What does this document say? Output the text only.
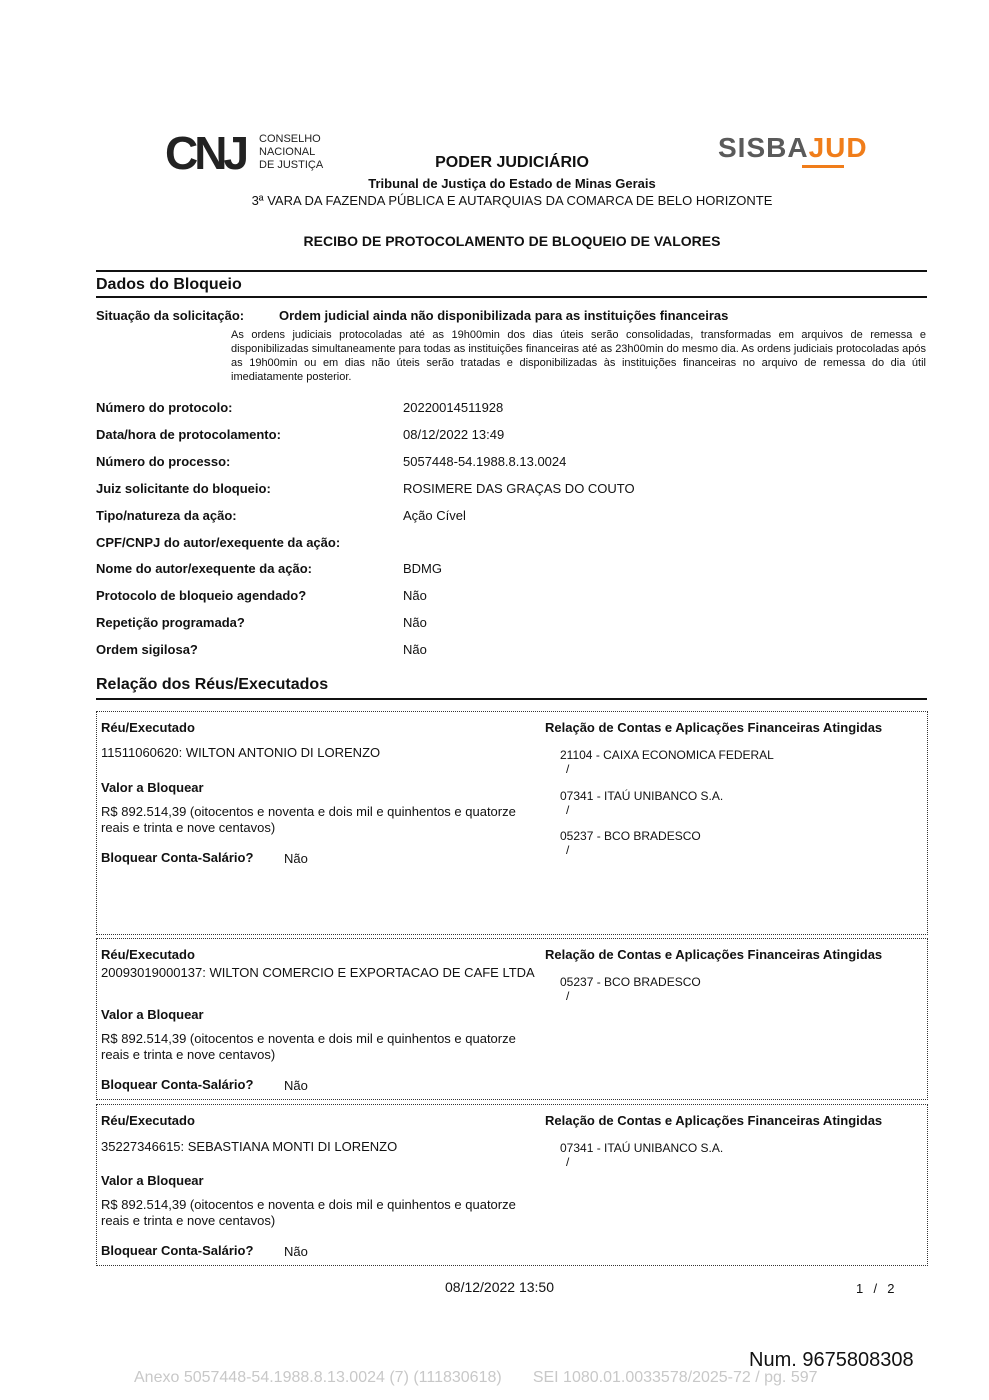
CNJ CONSELHO
NACIONAL
DE JUSTIÇA
SISBAJUD
PODER JUDICIÁRIO
Tribunal de Justiça do Estado de Minas Gerais
3ª VARA DA FAZENDA PÚBLICA E AUTARQUIAS DA COMARCA DE BELO HORIZONTE
RECIBO DE PROTOCOLAMENTO DE BLOQUEIO DE VALORES
Dados do Bloqueio
Situação da solicitação:	Ordem judicial ainda não disponibilizada para as instituições financeiras
As ordens judiciais protocoladas até as 19h00min dos dias úteis serão consolidadas, transformadas em arquivos de remessa e disponibilizadas simultaneamente para todas as instituições financeiras até as 23h00min do mesmo dia. As ordens judiciais protocoladas após as 19h00min ou em dias não úteis serão tratadas e disponibilizadas às instituições financeiras no arquivo de remessa do dia útil imediatamente posterior.
Número do protocolo:	20220014511928
Data/hora de protocolamento:	08/12/2022 13:49
Número do processo:	5057448-54.1988.8.13.0024
Juiz solicitante do bloqueio:	ROSIMERE DAS GRAÇAS DO COUTO
Tipo/natureza da ação:	Ação Cível
CPF/CNPJ do autor/exequente da ação:
Nome do autor/exequente da ação:	BDMG
Protocolo de bloqueio agendado?	Não
Repetição programada?	Não
Ordem sigilosa?	Não
Relação dos Réus/Executados
Réu/Executado
11511060620: WILTON ANTONIO DI LORENZO
Valor a Bloquear
R$ 892.514,39 (oitocentos e noventa e dois mil e quinhentos e quatorze reais e trinta e nove centavos)
Bloquear Conta-Salário? Não
Relação de Contas e Aplicações Financeiras Atingidas
21104 - CAIXA ECONOMICA FEDERAL
/
07341 - ITAÚ UNIBANCO S.A.
/
05237 - BCO BRADESCO
/
Réu/Executado
20093019000137: WILTON COMERCIO E EXPORTACAO DE CAFE LTDA
Valor a Bloquear
R$ 892.514,39 (oitocentos e noventa e dois mil e quinhentos e quatorze reais e trinta e nove centavos)
Bloquear Conta-Salário? Não
Relação de Contas e Aplicações Financeiras Atingidas
05237 - BCO BRADESCO
/
Réu/Executado
35227346615: SEBASTIANA MONTI DI LORENZO
Valor a Bloquear
R$ 892.514,39 (oitocentos e noventa e dois mil e quinhentos e quatorze reais e trinta e nove centavos)
Bloquear Conta-Salário? Não
Relação de Contas e Aplicações Financeiras Atingidas
07341 - ITAÚ UNIBANCO S.A.
/
08/12/2022 13:50	1  /  2
Num. 9675808308
Anexo 5057448-54.1988.8.13.0024 (7) (111830618)       SEI 1080.01.0033578/2025-72 / pg. 597
